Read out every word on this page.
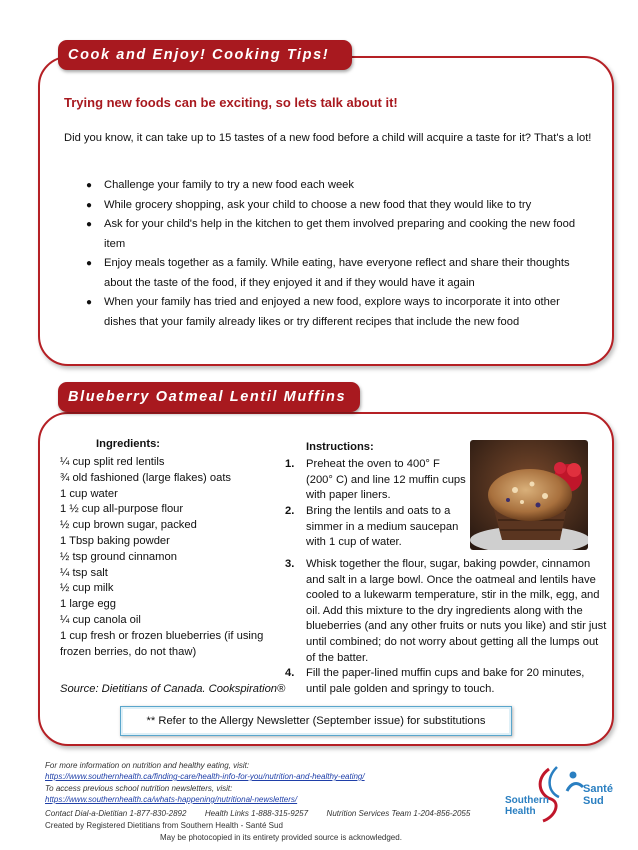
Cook and Enjoy! Cooking Tips!
Trying new foods can be exciting, so lets talk about it!
Did you know, it can take up to 15 tastes of a new food before a child will acquire a taste for it? That's a lot!
● Challenge your family to try a new food each week
● While grocery shopping, ask your child to choose a new food that they would like to try
● Ask for your child's help in the kitchen to get them involved preparing and cooking the new food item
● Enjoy meals together as a family. While eating, have everyone reflect and share their thoughts about the taste of the food, if they enjoyed it and if they would have it again
● When your family has tried and enjoyed a new food, explore ways to incorporate it into other dishes that your family already likes or try different recipes that include the new food
Blueberry Oatmeal Lentil Muffins
Ingredients:
¼ cup split red lentils
¾ old fashioned (large flakes) oats
1 cup water
1 ½ cup all-purpose flour
½ cup brown sugar, packed
1 Tbsp baking powder
½ tsp ground cinnamon
¼ tsp salt
½ cup milk
1 large egg
¼ cup canola oil
1 cup fresh or frozen blueberries (if using frozen berries, do not thaw)
Source: Dietitians of Canada. Cookspiration®
Instructions:
1. Preheat the oven to 400° F (200° C) and line 12 muffin cups with paper liners.
2. Bring the lentils and oats to a simmer in a medium saucepan with 1 cup of water.
3. Whisk together the flour, sugar, baking powder, cinnamon and salt in a large bowl. Once the oatmeal and lentils have cooled to a lukewarm temperature, stir in the milk, egg, and oil. Add this mixture to the dry ingredients along with the blueberries (and any other fruits or nuts you like) and stir just until combined; do not worry about getting all the lumps out of the batter.
4. Fill the paper-lined muffin cups and bake for 20 minutes, until pale golden and springy to touch.
** Refer to the Allergy Newsletter (September issue) for substitutions
For more information on nutrition and healthy eating, visit:
https://www.southernhealth.ca/finding-care/health-info-for-you/nutrition-and-healthy-eating/
To access previous school nutrition newsletters, visit:
https://www.southernhealth.ca/whats-happening/nutritional-newsletters/
Contact Dial-a-Dietitian 1-877-830-2892 Health Links 1-888-315-9257 Nutrition Services Team 1-204-856-2055
Created by Registered Dietitians from Southern Health - Santé Sud
May be photocopied in its entirety provided source is acknowledged.
Southern Health
Santé Sud
